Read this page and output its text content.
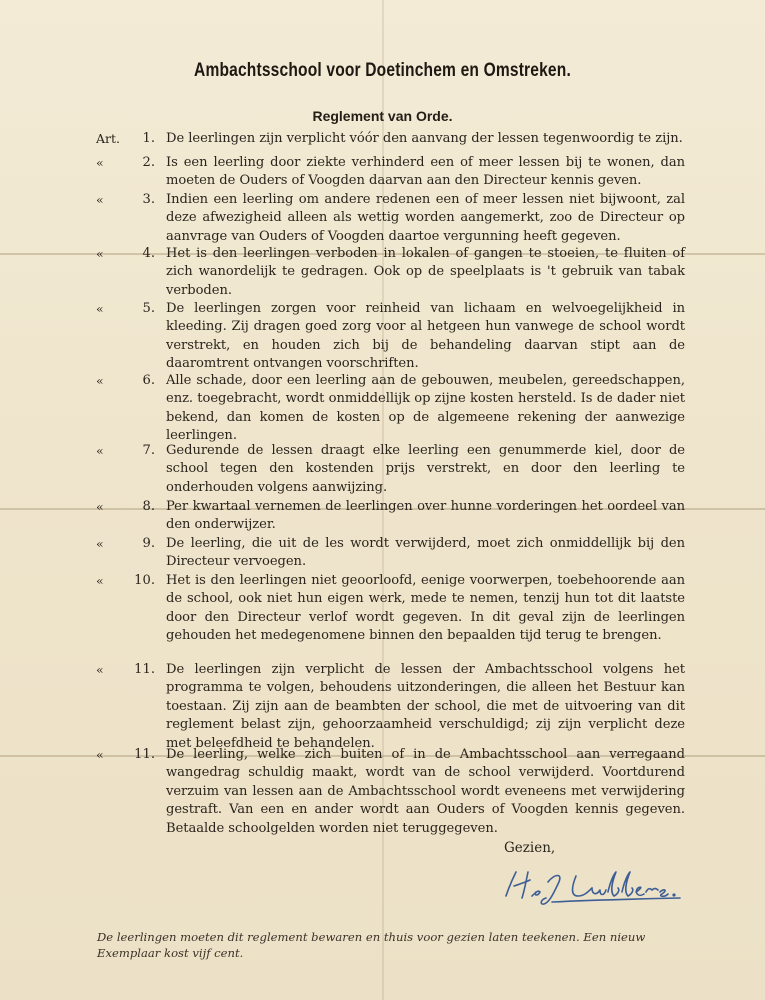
Ambachtsschool voor Doetinchem en Omstreken.
Reglement van Orde.
Art.	1. De leerlingen zijn verplicht vóór den aanvang der lessen tegenwoordig te zijn.
«	2. Is een leerling door ziekte verhinderd een of meer lessen bij te wonen, dan moeten de Ouders of Voogden daarvan aan den Directeur kennis geven.
«	3. Indien een leerling om andere redenen een of meer lessen niet bijwoont, zal deze afwezigheid alleen als wettig worden aangemerkt, zoo de Directeur op aanvrage van Ouders of Voogden daartoe vergunning heeft gegeven.
«	4. Het is den leerlingen verboden in lokalen of gangen te stoeien, te fluiten of zich wanordelijk te gedragen. Ook op de speelplaats is 't gebruik van tabak verboden.
«	5. De leerlingen zorgen voor reinheid van lichaam en welvoegelijkheid in kleeding. Zij dragen goed zorg voor al hetgeen hun vanwege de school wordt verstrekt, en houden zich bij de behandeling daarvan stipt aan de daaromtrent ontvangen voorschriften.
«	6. Alle schade, door een leerling aan de gebouwen, meubelen, gereedschappen, enz. toegebracht, wordt onmiddellijk op zijne kosten hersteld. Is de dader niet bekend, dan komen de kosten op de algemeene rekening der aanwezige leerlingen.
«	7. Gedurende de lessen draagt elke leerling een genummerde kiel, door de school tegen den kostenden prijs verstrekt, en door den leerling te onderhouden volgens aanwijzing.
«	8. Per kwartaal vernemen de leerlingen over hunne vorderingen het oordeel van den onderwijzer.
«	9. De leerling, die uit de les wordt verwijderd, moet zich onmiddellijk bij den Directeur vervoegen.
«	10. Het is den leerlingen niet geoorloofd, eenige voorwerpen, toebehoorende aan de school, ook niet hun eigen werk, mede te nemen, tenzij hun tot dit laatste door den Directeur verlof wordt gegeven. In dit geval zijn de leerlingen gehouden het medegenomene binnen den bepaalden tijd terug te brengen.
«	11. De leerlingen zijn verplicht de lessen der Ambachtsschool volgens het programma te volgen, behoudens uitzonderingen, die alleen het Bestuur kan toestaan. Zij zijn aan de beambten der school, die met de uitvoering van dit reglement belast zijn, gehoorzaamheid verschuldigd; zij zijn verplicht deze met beleefdheid te behandelen.
«	11. De leerling, welke zich buiten of in de Ambachtsschool aan verregaand wangedrag schuldig maakt, wordt van de school verwijderd. Voortdurend verzuim van lessen aan de Ambachtsschool wordt eveneens met verwijdering gestraft. Van een en ander wordt aan Ouders of Voogden kennis gegeven. Betaalde schoolgelden worden niet teruggegeven.
Gezien,
H. J. Lubbers.
De leerlingen moeten dit reglement bewaren en thuis voor gezien laten teekenen. Een nieuw Exemplaar kost vijf cent.
